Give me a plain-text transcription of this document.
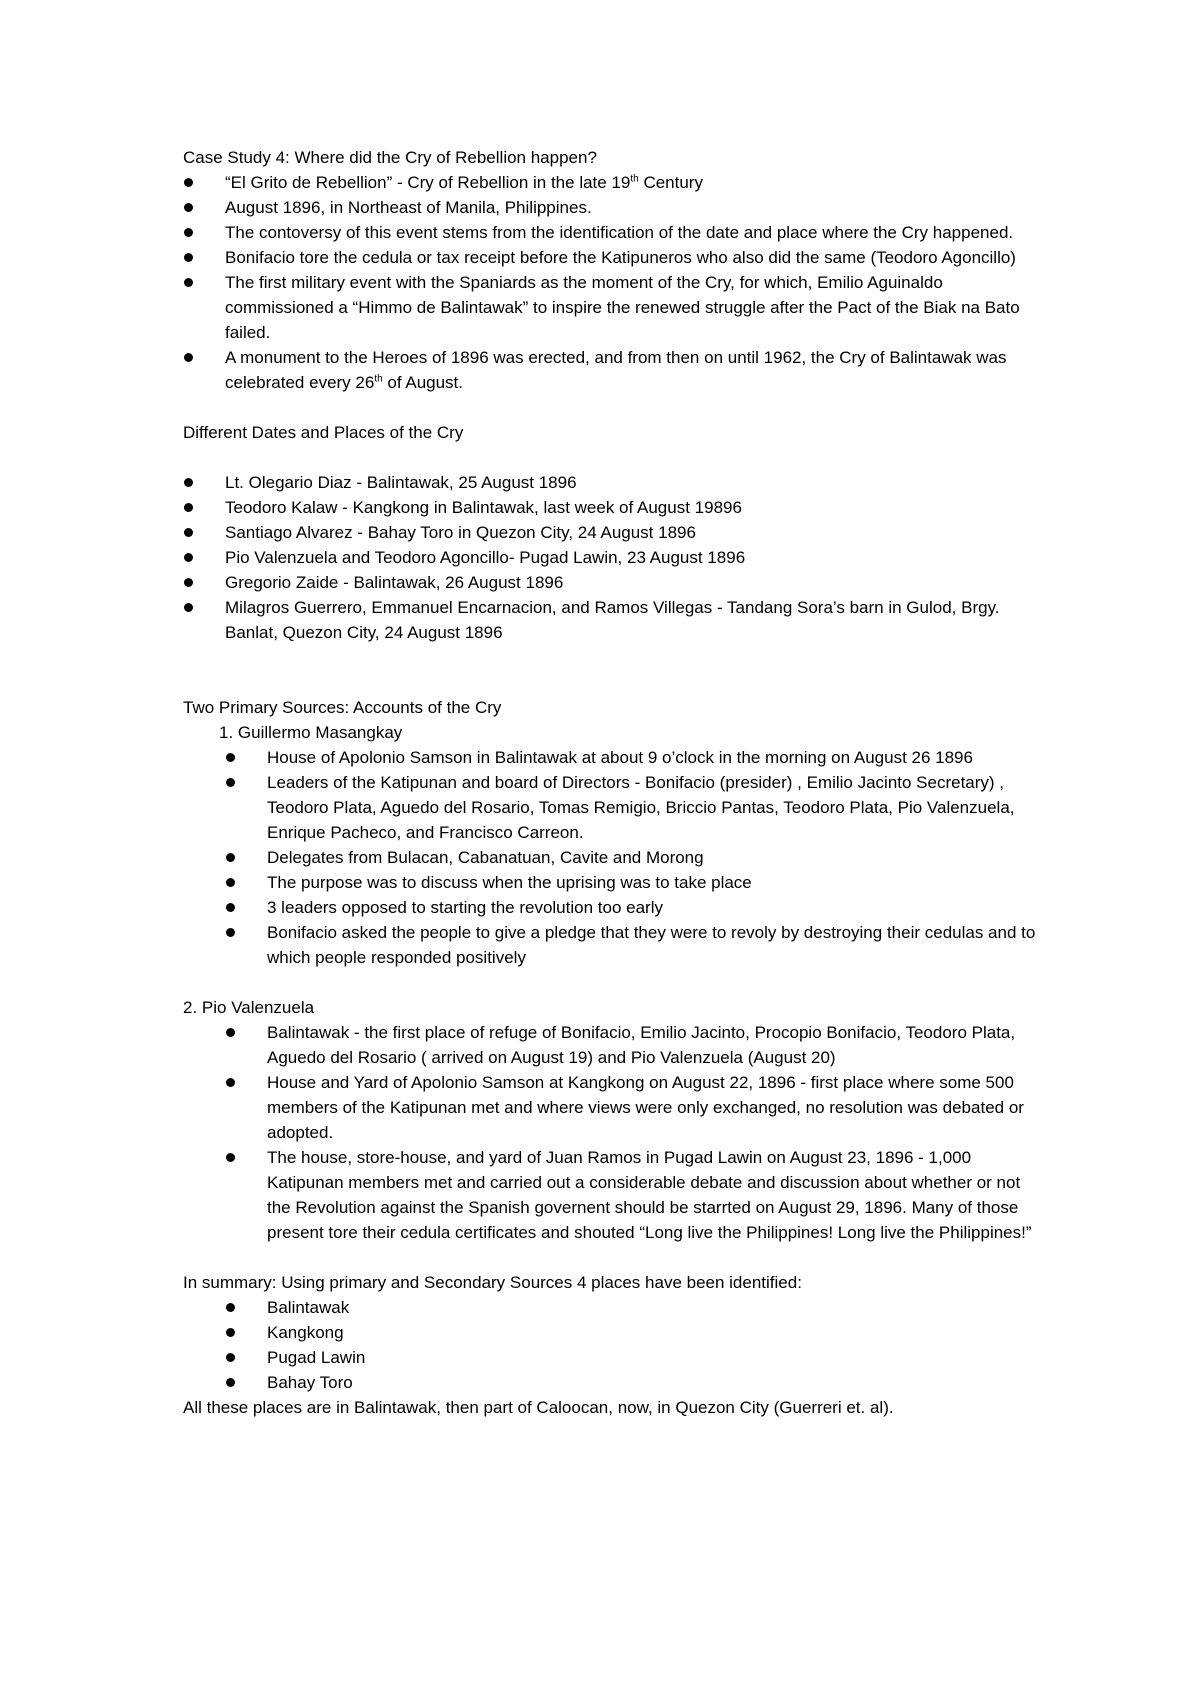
Case Study 4: Where did the Cry of Rebellion happen?

“El Grito de Rebellion” - Cry of Rebellion in the late 19th Century
August 1896, in Northeast of Manila, Philippines.
The contoversy of this event stems from the identification of the date and place where the Cry happened.
Bonifacio tore the cedula or tax receipt before the Katipuneros who also did the same (Teodoro Agoncillo)
The first military event with the Spaniards as the moment of the Cry, for which, Emilio Aguinaldo commissioned a “Himmo de Balintawak” to inspire the renewed struggle after the Pact of the Biak na Bato failed.
A monument to the Heroes of 1896 was erected, and from then on until 1962, the Cry of Balintawak was celebrated every 26th of August.

Different Dates and Places of the Cry

Lt. Olegario Diaz - Balintawak, 25 August 1896
Teodoro Kalaw - Kangkong in Balintawak, last week of August 19896
Santiago Alvarez - Bahay Toro in Quezon City, 24 August 1896
Pio Valenzuela and Teodoro Agoncillo- Pugad Lawin, 23 August 1896
Gregorio Zaide - Balintawak, 26 August 1896
Milagros Guerrero, Emmanuel Encarnacion, and Ramos Villegas - Tandang Sora’s barn in Gulod, Brgy. Banlat, Quezon City, 24 August 1896

Two Primary Sources: Accounts of the Cry

1. Guillermo Masangkay

House of Apolonio Samson in Balintawak at about 9 o’clock in the morning on August 26 1896
Leaders of the Katipunan and board of Directors - Bonifacio (presider) , Emilio Jacinto Secretary) , Teodoro Plata, Aguedo del Rosario, Tomas Remigio, Briccio Pantas, Teodoro Plata, Pio Valenzuela, Enrique Pacheco, and Francisco Carreon.
Delegates from Bulacan, Cabanatuan, Cavite and Morong
The purpose was to discuss when the uprising was to take place
3 leaders opposed to starting the revolution too early
Bonifacio asked the people to give a pledge that they were to revoly by destroying their cedulas and to which people responded positively

2. Pio Valenzuela

Balintawak - the first place of refuge of Bonifacio, Emilio Jacinto, Procopio Bonifacio, Teodoro Plata, Aguedo del Rosario ( arrived on August 19) and Pio Valenzuela (August 20)
House and Yard of Apolonio Samson at Kangkong on August 22, 1896 - first place where some 500 members of the Katipunan met and where views were only exchanged, no resolution was debated or adopted.
The house, store-house, and yard of Juan Ramos in Pugad Lawin on August 23, 1896 - 1,000 Katipunan members met and carried out a considerable debate and discussion about whether or not the Revolution against the Spanish governent should be starrted on August 29, 1896. Many of those present tore their cedula certificates and shouted “Long live the Philippines! Long live the Philippines!”

In summary: Using primary and Secondary Sources 4 places have been identified:

Balintawak
Kangkong
Pugad Lawin
Bahay Toro

All these places are in Balintawak, then part of Caloocan, now, in Quezon City (Guerreri et. al).
